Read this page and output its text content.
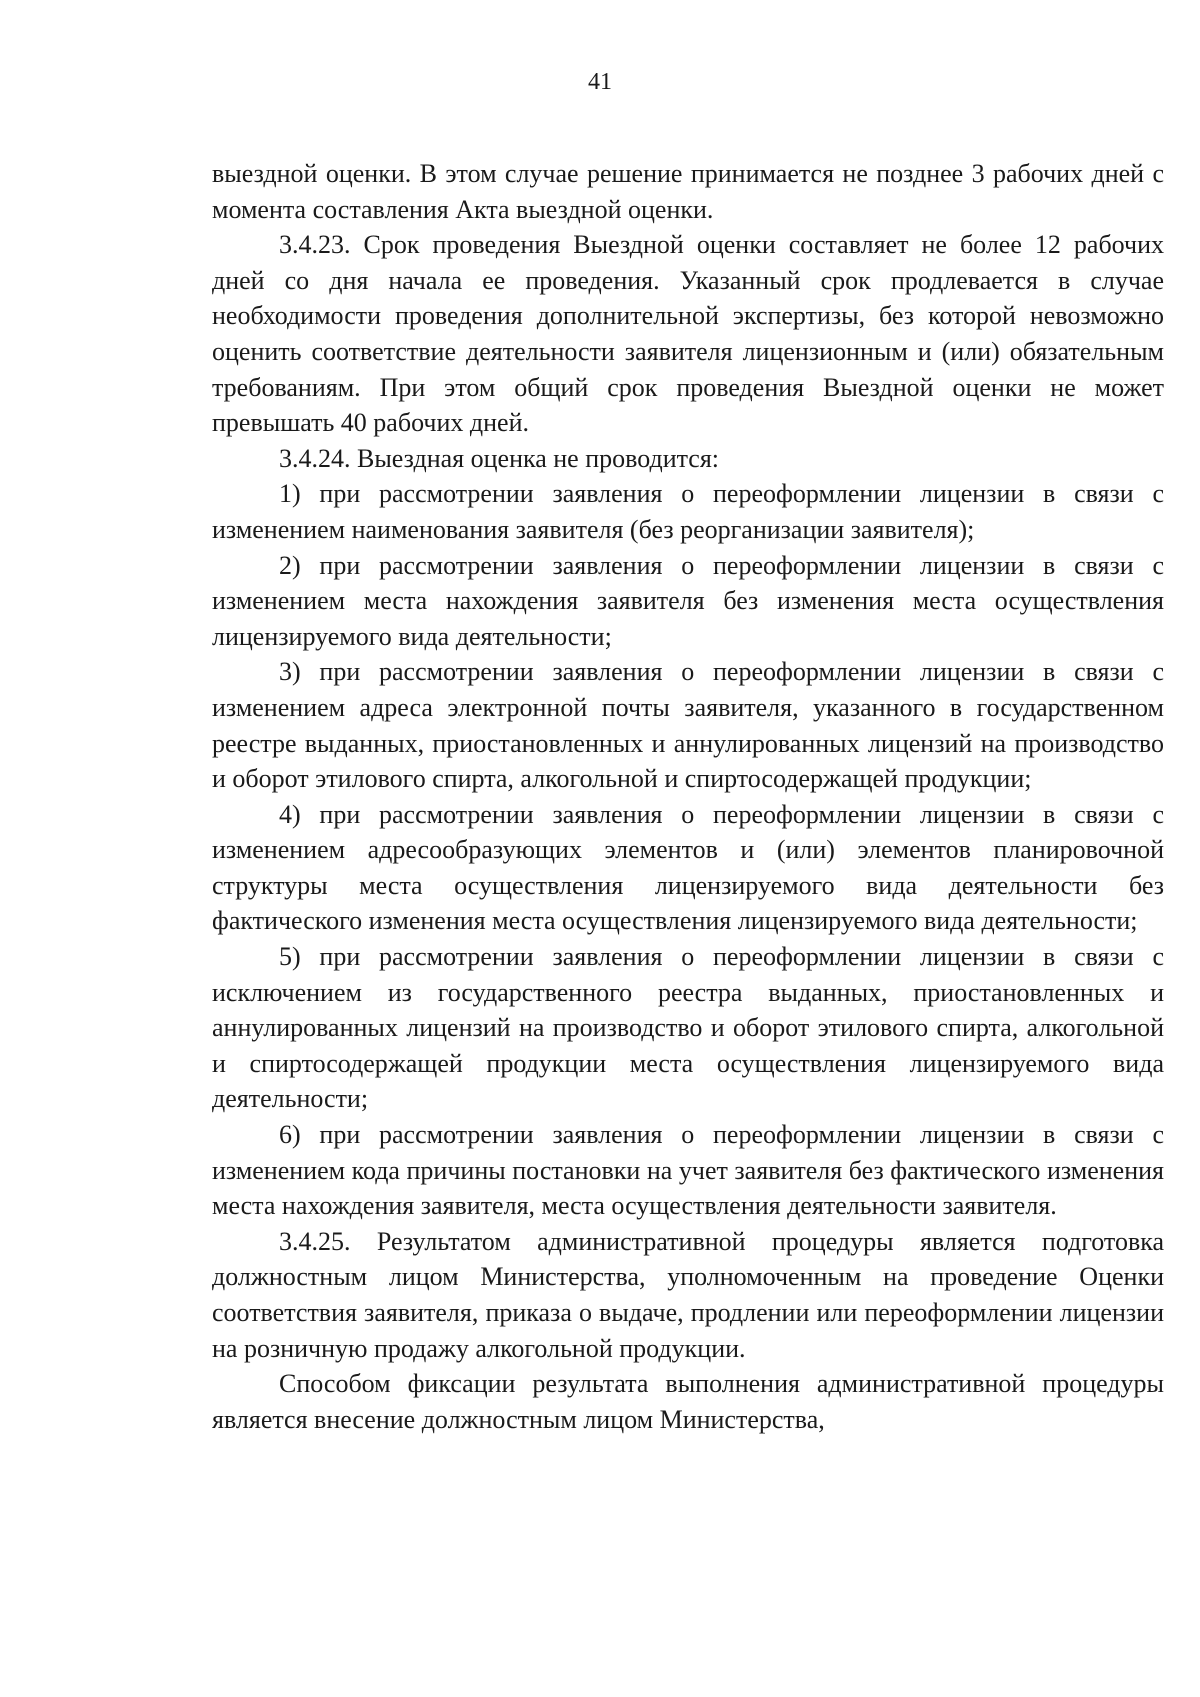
41

выездной оценки. В этом случае решение принимается не позднее 3 рабочих дней с момента составления Акта выездной оценки.

3.4.23. Срок проведения Выездной оценки составляет не более 12 рабочих дней со дня начала ее проведения. Указанный срок продлевается в случае необходимости проведения дополнительной экспертизы, без которой невозможно оценить соответствие деятельности заявителя лицензионным и (или) обязательным требованиям. При этом общий срок проведения Выездной оценки не может превышать 40 рабочих дней.

3.4.24. Выездная оценка не проводится:

1) при рассмотрении заявления о переоформлении лицензии в связи с изменением наименования заявителя (без реорганизации заявителя);

2) при рассмотрении заявления о переоформлении лицензии в связи с изменением места нахождения заявителя без изменения места осуществления лицензируемого вида деятельности;

3) при рассмотрении заявления о переоформлении лицензии в связи с изменением адреса электронной почты заявителя, указанного в государственном реестре выданных, приостановленных и аннулированных лицензий на производство и оборот этилового спирта, алкогольной и спиртосодержащей продукции;

4) при рассмотрении заявления о переоформлении лицензии в связи с изменением адресообразующих элементов и (или) элементов планировочной структуры места осуществления лицензируемого вида деятельности без фактического изменения места осуществления лицензируемого вида деятельности;

5) при рассмотрении заявления о переоформлении лицензии в связи с исключением из государственного реестра выданных, приостановленных и аннулированных лицензий на производство и оборот этилового спирта, алкогольной и спиртосодержащей продукции места осуществления лицензируемого вида деятельности;

6) при рассмотрении заявления о переоформлении лицензии в связи с изменением кода причины постановки на учет заявителя без фактического изменения места нахождения заявителя, места осуществления деятельности заявителя.

3.4.25. Результатом административной процедуры является подготовка должностным лицом Министерства, уполномоченным на проведение Оценки соответствия заявителя, приказа о выдаче, продлении или переоформлении лицензии на розничную продажу алкогольной продукции.

Способом фиксации результата выполнения административной процедуры является внесение должностным лицом Министерства,
